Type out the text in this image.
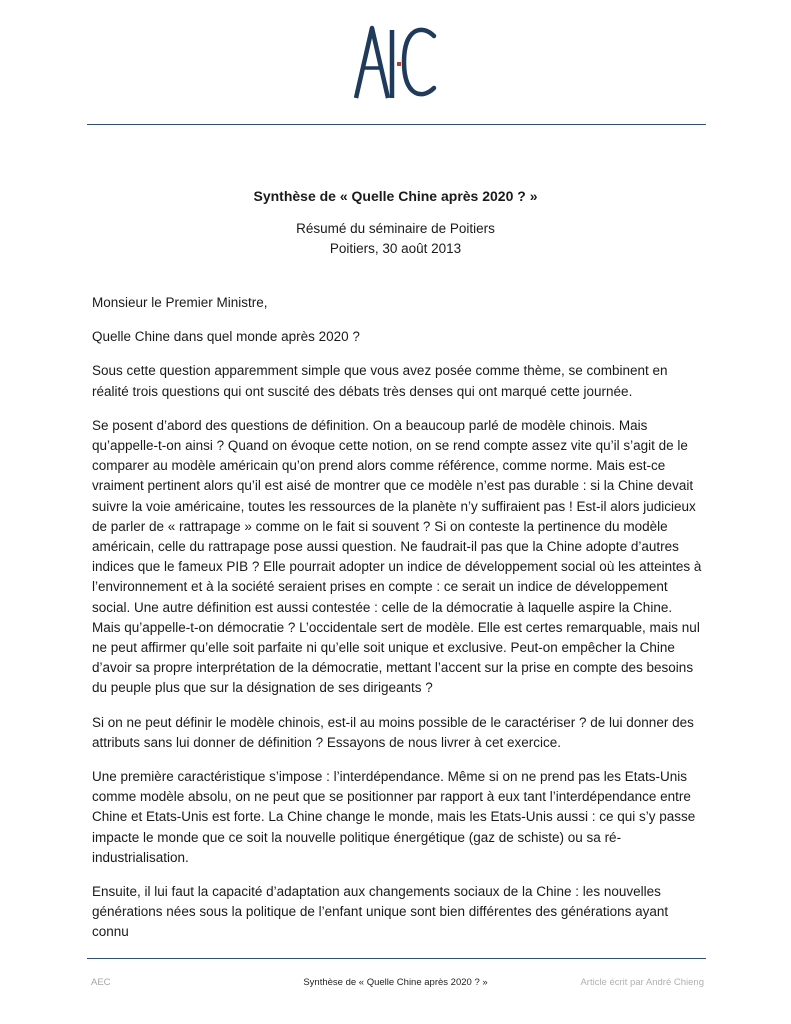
Synthèse de « Quelle Chine après 2020 ? »
Résumé du séminaire de Poitiers
Poitiers, 30 août 2013

Monsieur le Premier Ministre,

Quelle Chine dans quel monde après 2020 ?

Sous cette question apparemment simple que vous avez posée comme thème, se combinent en réalité trois questions qui ont suscité des débats très denses qui ont marqué cette journée.

Se posent d’abord des questions de définition. On a beaucoup parlé de modèle chinois. Mais qu’appelle-t-on ainsi ? Quand on évoque cette notion, on se rend compte assez vite qu’il s’agit de le comparer au modèle américain qu’on prend alors comme référence, comme norme. Mais est-ce vraiment pertinent alors qu’il est aisé de montrer que ce modèle n’est pas durable : si la Chine devait suivre la voie américaine, toutes les ressources de la planète n’y suffiraient pas ! Est-il alors judicieux de parler de « rattrapage » comme on le fait si souvent ? Si on conteste la pertinence du modèle américain, celle du rattrapage pose aussi question. Ne faudrait-il pas que la Chine adopte d’autres indices que le fameux PIB ? Elle pourrait adopter un indice de développement social où les atteintes à l’environnement et à la société seraient prises en compte : ce serait un indice de développement social. Une autre définition est aussi contestée : celle de la démocratie à laquelle aspire la Chine. Mais qu’appelle-t-on démocratie ? L’occidentale sert de modèle. Elle est certes remarquable, mais nul ne peut affirmer qu’elle soit parfaite ni qu’elle soit unique et exclusive. Peut-on empêcher la Chine d’avoir sa propre interprétation de la démocratie, mettant l’accent sur la prise en compte des besoins du peuple plus que sur la désignation de ses dirigeants ?

Si on ne peut définir le modèle chinois, est-il au moins possible de le caractériser ? de lui donner des attributs sans lui donner de définition ? Essayons de nous livrer à cet exercice.

Une première caractéristique s’impose : l’interdépendance. Même si on ne prend pas les Etats-Unis comme modèle absolu, on ne peut que se positionner par rapport à eux tant l’interdépendance entre Chine et Etats-Unis est forte. La Chine change le monde, mais les Etats-Unis aussi : ce qui s’y passe impacte le monde que ce soit la nouvelle politique énergétique (gaz de schiste) ou sa ré-industrialisation.

Ensuite, il lui faut la capacité d’adaptation aux changements sociaux de la Chine : les nouvelles générations nées sous la politique de l’enfant unique sont bien différentes des générations ayant connu

AEC	Synthèse de « Quelle Chine après 2020 ? »	Article écrit par André Chieng
